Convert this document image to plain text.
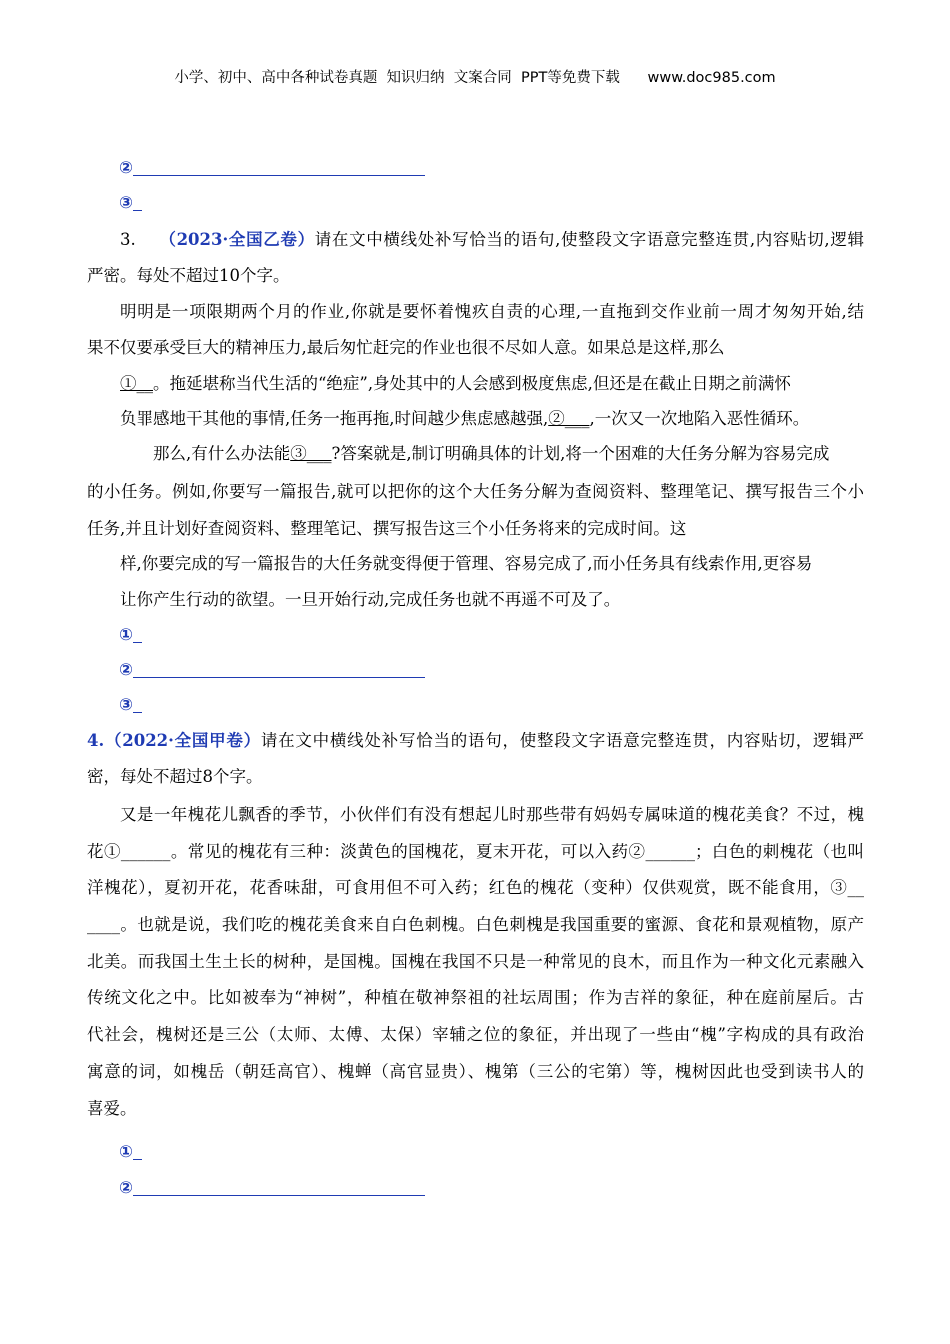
小学、初中、高中各种试卷真题  知识归纳  文案合同  PPT等免费下载      www.doc985.com
②
③
3. （2023·全国乙卷）请在文中横线处补写恰当的语句,使整段文字语意完整连贯,内容贴切,逻辑
严密。每处不超过10个字。
明明是一项限期两个月的作业,你就是要怀着愧疚自责的心理,一直拖到交作业前一周才匆匆开始,结
果不仅要承受巨大的精神压力,最后匆忙赶完的作业也很不尽如人意。如果总是这样,那么
①__。拖延堪称当代生活的“绝症”,身处其中的人会感到极度焦虑,但还是在截止日期之前满怀
负罪感地干其他的事情,任务一拖再拖,时间越少焦虑感越强,②___,一次又一次地陷入恶性循环。
那么,有什么办法能③___?答案就是,制订明确具体的计划,将一个困难的大任务分解为容易完成
的小任务。例如,你要写一篇报告,就可以把你的这个大任务分解为查阅资料、整理笔记、撰写报告三个小
任务,并且计划好查阅资料、整理笔记、撰写报告这三个小任务将来的完成时间。这
样,你要完成的写一篇报告的大任务就变得便于管理、容易完成了,而小任务具有线索作用,更容易
让你产生行动的欲望。一旦开始行动,完成任务也就不再遥不可及了。
①
②
③
4.（2022·全国甲卷）请在文中横线处补写恰当的语句，使整段文字语意完整连贯，内容贴切，逻辑严
密，每处不超过8个字。
又是一年槐花儿飘香的季节，小伙伴们有没有想起儿时那些带有妈妈专属味道的槐花美食？不过，槐
花①______。常见的槐花有三种：淡黄色的国槐花，夏末开花，可以入药②______；白色的刺槐花（也叫
洋槐花），夏初开花，花香味甜，可食用但不可入药；红色的槐花（变种）仅供观赏，既不能食用，③__
____。也就是说，我们吃的槐花美食来自白色刺槐。白色刺槐是我国重要的蜜源、食花和景观植物，原产
北美。而我国土生土长的树种，是国槐。国槐在我国不只是一种常见的良木，而且作为一种文化元素融入
传统文化之中。比如被奉为“神树”，种植在敬神祭祖的社坛周围；作为吉祥的象征，种在庭前屋后。古
代社会，槐树还是三公（太师、太傅、太保）宰辅之位的象征，并出现了一些由“槐”字构成的具有政治
寓意的词，如槐岳（朝廷高官）、槐蝉（高官显贵）、槐第（三公的宅第）等，槐树因此也受到读书人的
喜爱。
①
②
